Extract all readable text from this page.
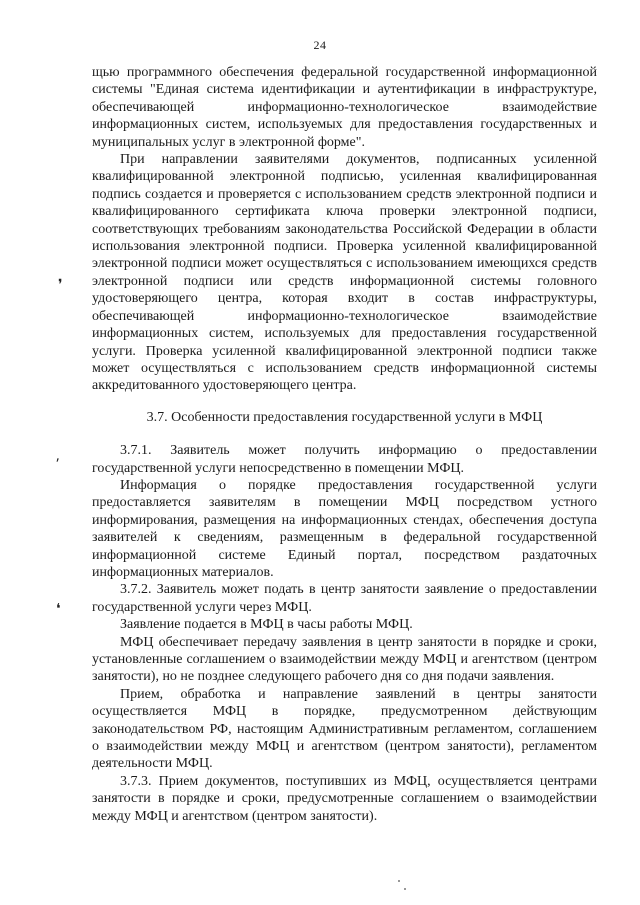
24

щью программного обеспечения федеральной государственной информационной системы "Единая система идентификации и аутентификации в инфраструктуре, обеспечивающей информационно-технологическое взаимодействие информационных систем, используемых для предоставления государственных и муниципальных услуг в электронной форме".

При направлении заявителями документов, подписанных усиленной квалифицированной электронной подписью, усиленная квалифицированная подпись создается и проверяется с использованием средств электронной подписи и квалифицированного сертификата ключа проверки электронной подписи, соответствующих требованиям законодательства Российской Федерации в области использования электронной подписи. Проверка усиленной квалифицированной электронной подписи может осуществляться с использованием имеющихся средств электронной подписи или средств информационной системы головного удостоверяющего центра, которая входит в состав инфраструктуры, обеспечивающей информационно-технологическое взаимодействие информационных систем, используемых для предоставления государственной услуги. Проверка усиленной квалифицированной электронной подписи также может осуществляться с использованием средств информационной системы аккредитованного удостоверяющего центра.

3.7. Особенности предоставления государственной услуги в МФЦ

3.7.1. Заявитель может получить информацию о предоставлении государственной услуги непосредственно в помещении МФЦ.

Информация о порядке предоставления государственной услуги предоставляется заявителям в помещении МФЦ посредством устного информирования, размещения на информационных стендах, обеспечения доступа заявителей к сведениям, размещенным в федеральной государственной информационной системе Единый портал, посредством раздаточных информационных материалов.

3.7.2. Заявитель может подать в центр занятости заявление о предоставлении государственной услуги через МФЦ.

Заявление подается в МФЦ в часы работы МФЦ.

МФЦ обеспечивает передачу заявления в центр занятости в порядке и сроки, установленные соглашением о взаимодействии между МФЦ и агентством (центром занятости), но не позднее следующего рабочего дня со дня подачи заявления.

Прием, обработка и направление заявлений в центры занятости осуществляется МФЦ в порядке, предусмотренном действующим законодательством РФ, настоящим Административным регламентом, соглашением о взаимодействии между МФЦ и агентством (центром занятости), регламентом деятельности МФЦ.

3.7.3. Прием документов, поступивших из МФЦ, осуществляется центрами занятости в порядке и сроки, предусмотренные соглашением о взаимодействии между МФЦ и агентством (центром занятости).

❜
⸴
❛
